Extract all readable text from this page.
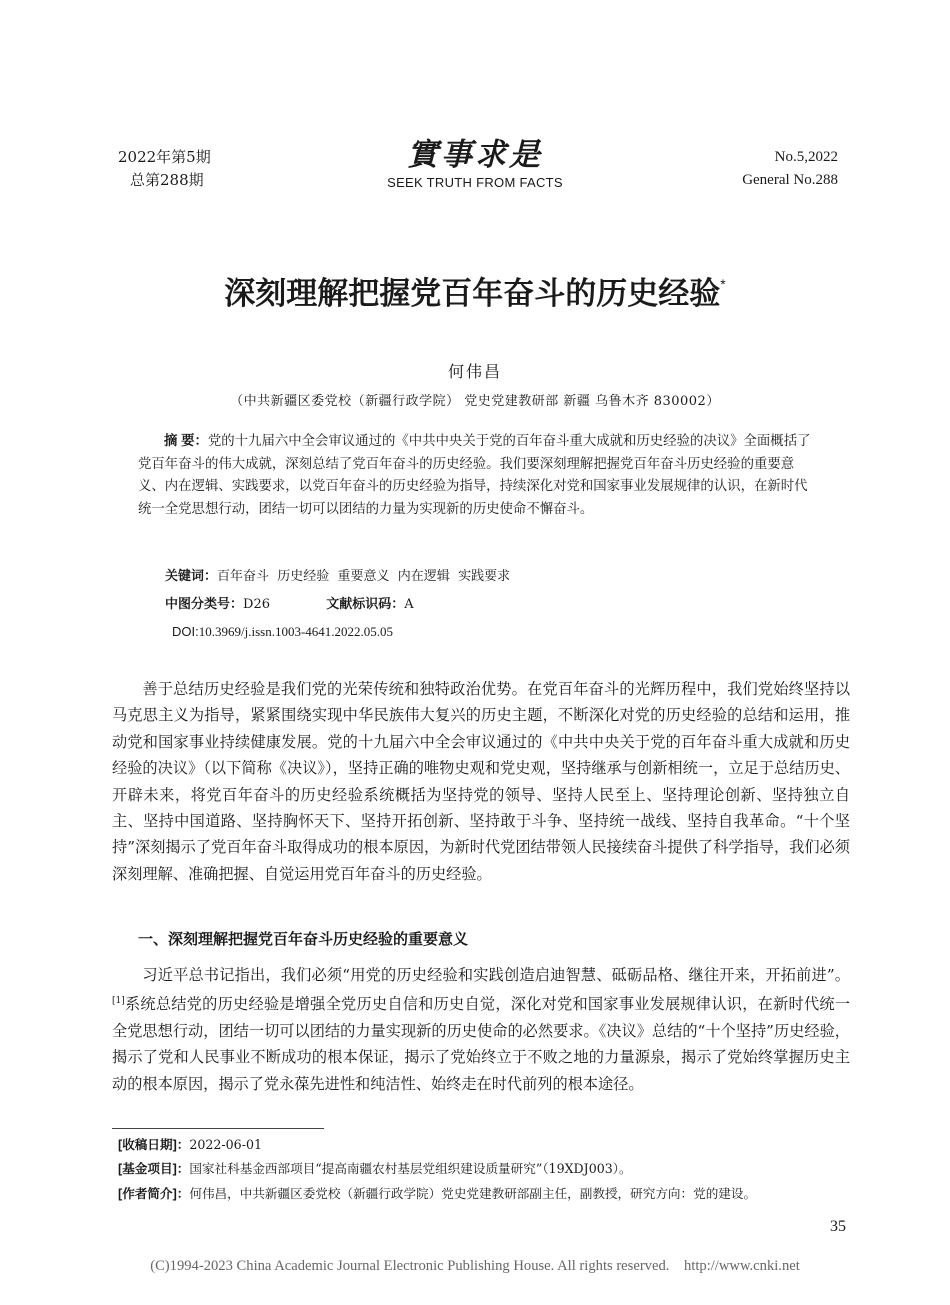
2022年第5期
总第288期
實事求是
SEEK TRUTH FROM FACTS
No.5,2022
General No.288
深刻理解把握党百年奋斗的历史经验*
何伟昌
（中共新疆区委党校（新疆行政学院） 党史党建教研部 新疆 乌鲁木齐 830002）
摘 要：党的十九届六中全会审议通过的《中共中央关于党的百年奋斗重大成就和历史经验的决议》全面概括了党百年奋斗的伟大成就，深刻总结了党百年奋斗的历史经验。我们要深刻理解把握党百年奋斗历史经验的重要意义、内在逻辑、实践要求，以党百年奋斗的历史经验为指导，持续深化对党和国家事业发展规律的认识，在新时代统一全党思想行动，团结一切可以团结的力量为实现新的历史使命不懈奋斗。
关键词：百年奋斗  历史经验  重要意义  内在逻辑  实践要求
中图分类号：D26	文献标识码：A
DOI:10.3969/j.issn.1003-4641.2022.05.05

善于总结历史经验是我们党的光荣传统和独特政治优势。在党百年奋斗的光辉历程中，我们党始终坚持以马克思主义为指导，紧紧围绕实现中华民族伟大复兴的历史主题，不断深化对党的历史经验的总结和运用，推动党和国家事业持续健康发展。党的十九届六中全会审议通过的《中共中央关于党的百年奋斗重大成就和历史经验的决议》（以下简称《决议》），坚持正确的唯物史观和党史观，坚持继承与创新相统一，立足于总结历史、开辟未来，将党百年奋斗的历史经验系统概括为坚持党的领导、坚持人民至上、坚持理论创新、坚持独立自主、坚持中国道路、坚持胸怀天下、坚持开拓创新、坚持敢于斗争、坚持统一战线、坚持自我革命。“十个坚持”深刻揭示了党百年奋斗取得成功的根本原因，为新时代党团结带领人民接续奋斗提供了科学指导，我们必须深刻理解、准确把握、自觉运用党百年奋斗的历史经验。

一、深刻理解把握党百年奋斗历史经验的重要意义

习近平总书记指出，我们必须“用党的历史经验和实践创造启迪智慧、砥砺品格、继往开来，开拓前进”。[1]系统总结党的历史经验是增强全党历史自信和历史自觉，深化对党和国家事业发展规律认识，在新时代统一全党思想行动，团结一切可以团结的力量实现新的历史使命的必然要求。《决议》总结的“十个坚持”历史经验，揭示了党和人民事业不断成功的根本保证，揭示了党始终立于不败之地的力量源泉，揭示了党始终掌握历史主动的根本原因，揭示了党永葆先进性和纯洁性、始终走在时代前列的根本途径。

[收稿日期]：2022-06-01
[基金项目]：国家社科基金西部项目“提高南疆农村基层党组织建设质量研究”（19XDJ003）。
[作者简介]：何伟昌，中共新疆区委党校（新疆行政学院）党史党建教研部副主任，副教授，研究方向：党的建设。
35
(C)1994-2023 China Academic Journal Electronic Publishing House. All rights reserved.    http://www.cnki.net
